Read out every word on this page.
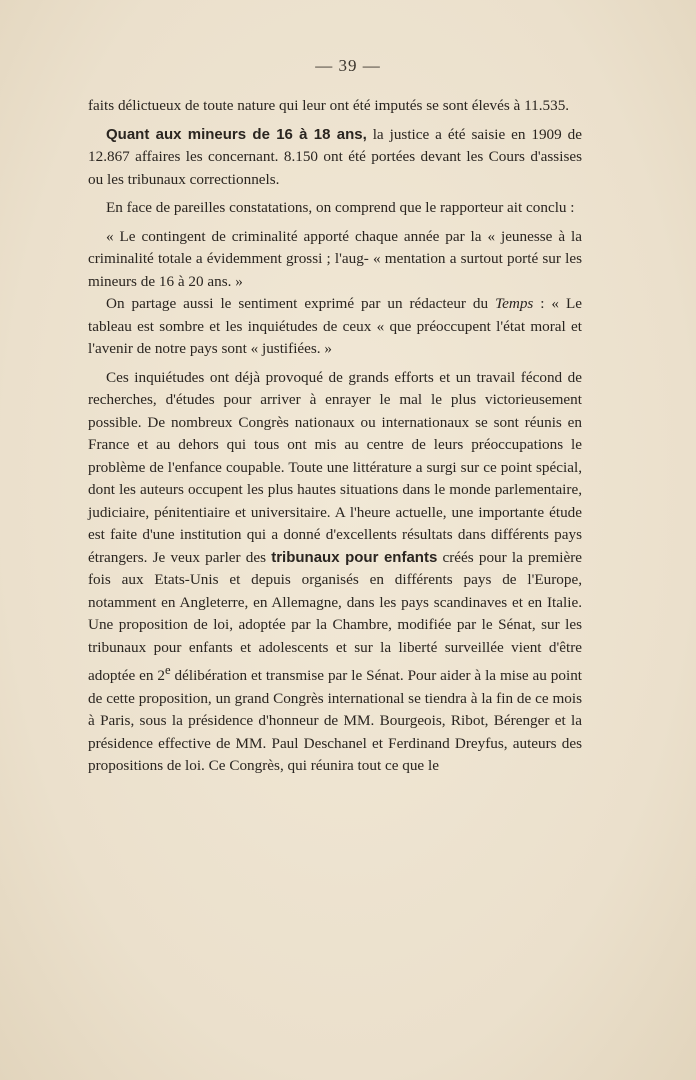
— 39 —

faits délictueux de toute nature qui leur ont été imputés se sont élevés à 11.535.

Quant aux mineurs de 16 à 18 ans, la justice a été saisie en 1909 de 12.867 affaires les concernant. 8.150 ont été portées devant les Cours d'assises ou les tribunaux correctionnels.

En face de pareilles constatations, on comprend que le rapporteur ait conclu :

« Le contingent de criminalité apporté chaque année par la « jeunesse à la criminalité totale a évidemment grossi ; l'aug- « mentation a surtout porté sur les mineurs de 16 à 20 ans. »

On partage aussi le sentiment exprimé par un rédacteur du Temps : « Le tableau est sombre et les inquiétudes de ceux « que préoccupent l'état moral et l'avenir de notre pays sont « justifiées. »

Ces inquiétudes ont déjà provoqué de grands efforts et un travail fécond de recherches, d'études pour arriver à enrayer le mal le plus victorieusement possible. De nombreux Congrès nationaux ou internationaux se sont réunis en France et au dehors qui tous ont mis au centre de leurs préoccupations le problème de l'enfance coupable. Toute une littérature a surgi sur ce point spécial, dont les auteurs occupent les plus hautes situations dans le monde parlementaire, judiciaire, pénitentiaire et universitaire. A l'heure actuelle, une importante étude est faite d'une institution qui a donné d'excellents résultats dans différents pays étrangers. Je veux parler des tribunaux pour enfants créés pour la première fois aux Etats-Unis et depuis organisés en différents pays de l'Europe, notamment en Angleterre, en Allemagne, dans les pays scandinaves et en Italie. Une proposition de loi, adoptée par la Chambre, modifiée par le Sénat, sur les tribunaux pour enfants et adolescents et sur la liberté surveillée vient d'être adoptée en 2e délibération et transmise par le Sénat. Pour aider à la mise au point de cette proposition, un grand Congrès international se tiendra à la fin de ce mois à Paris, sous la présidence d'honneur de MM. Bourgeois, Ribot, Bérenger et la présidence effective de MM. Paul Deschanel et Ferdinand Dreyfus, auteurs des propositions de loi. Ce Congrès, qui réunira tout ce que le
